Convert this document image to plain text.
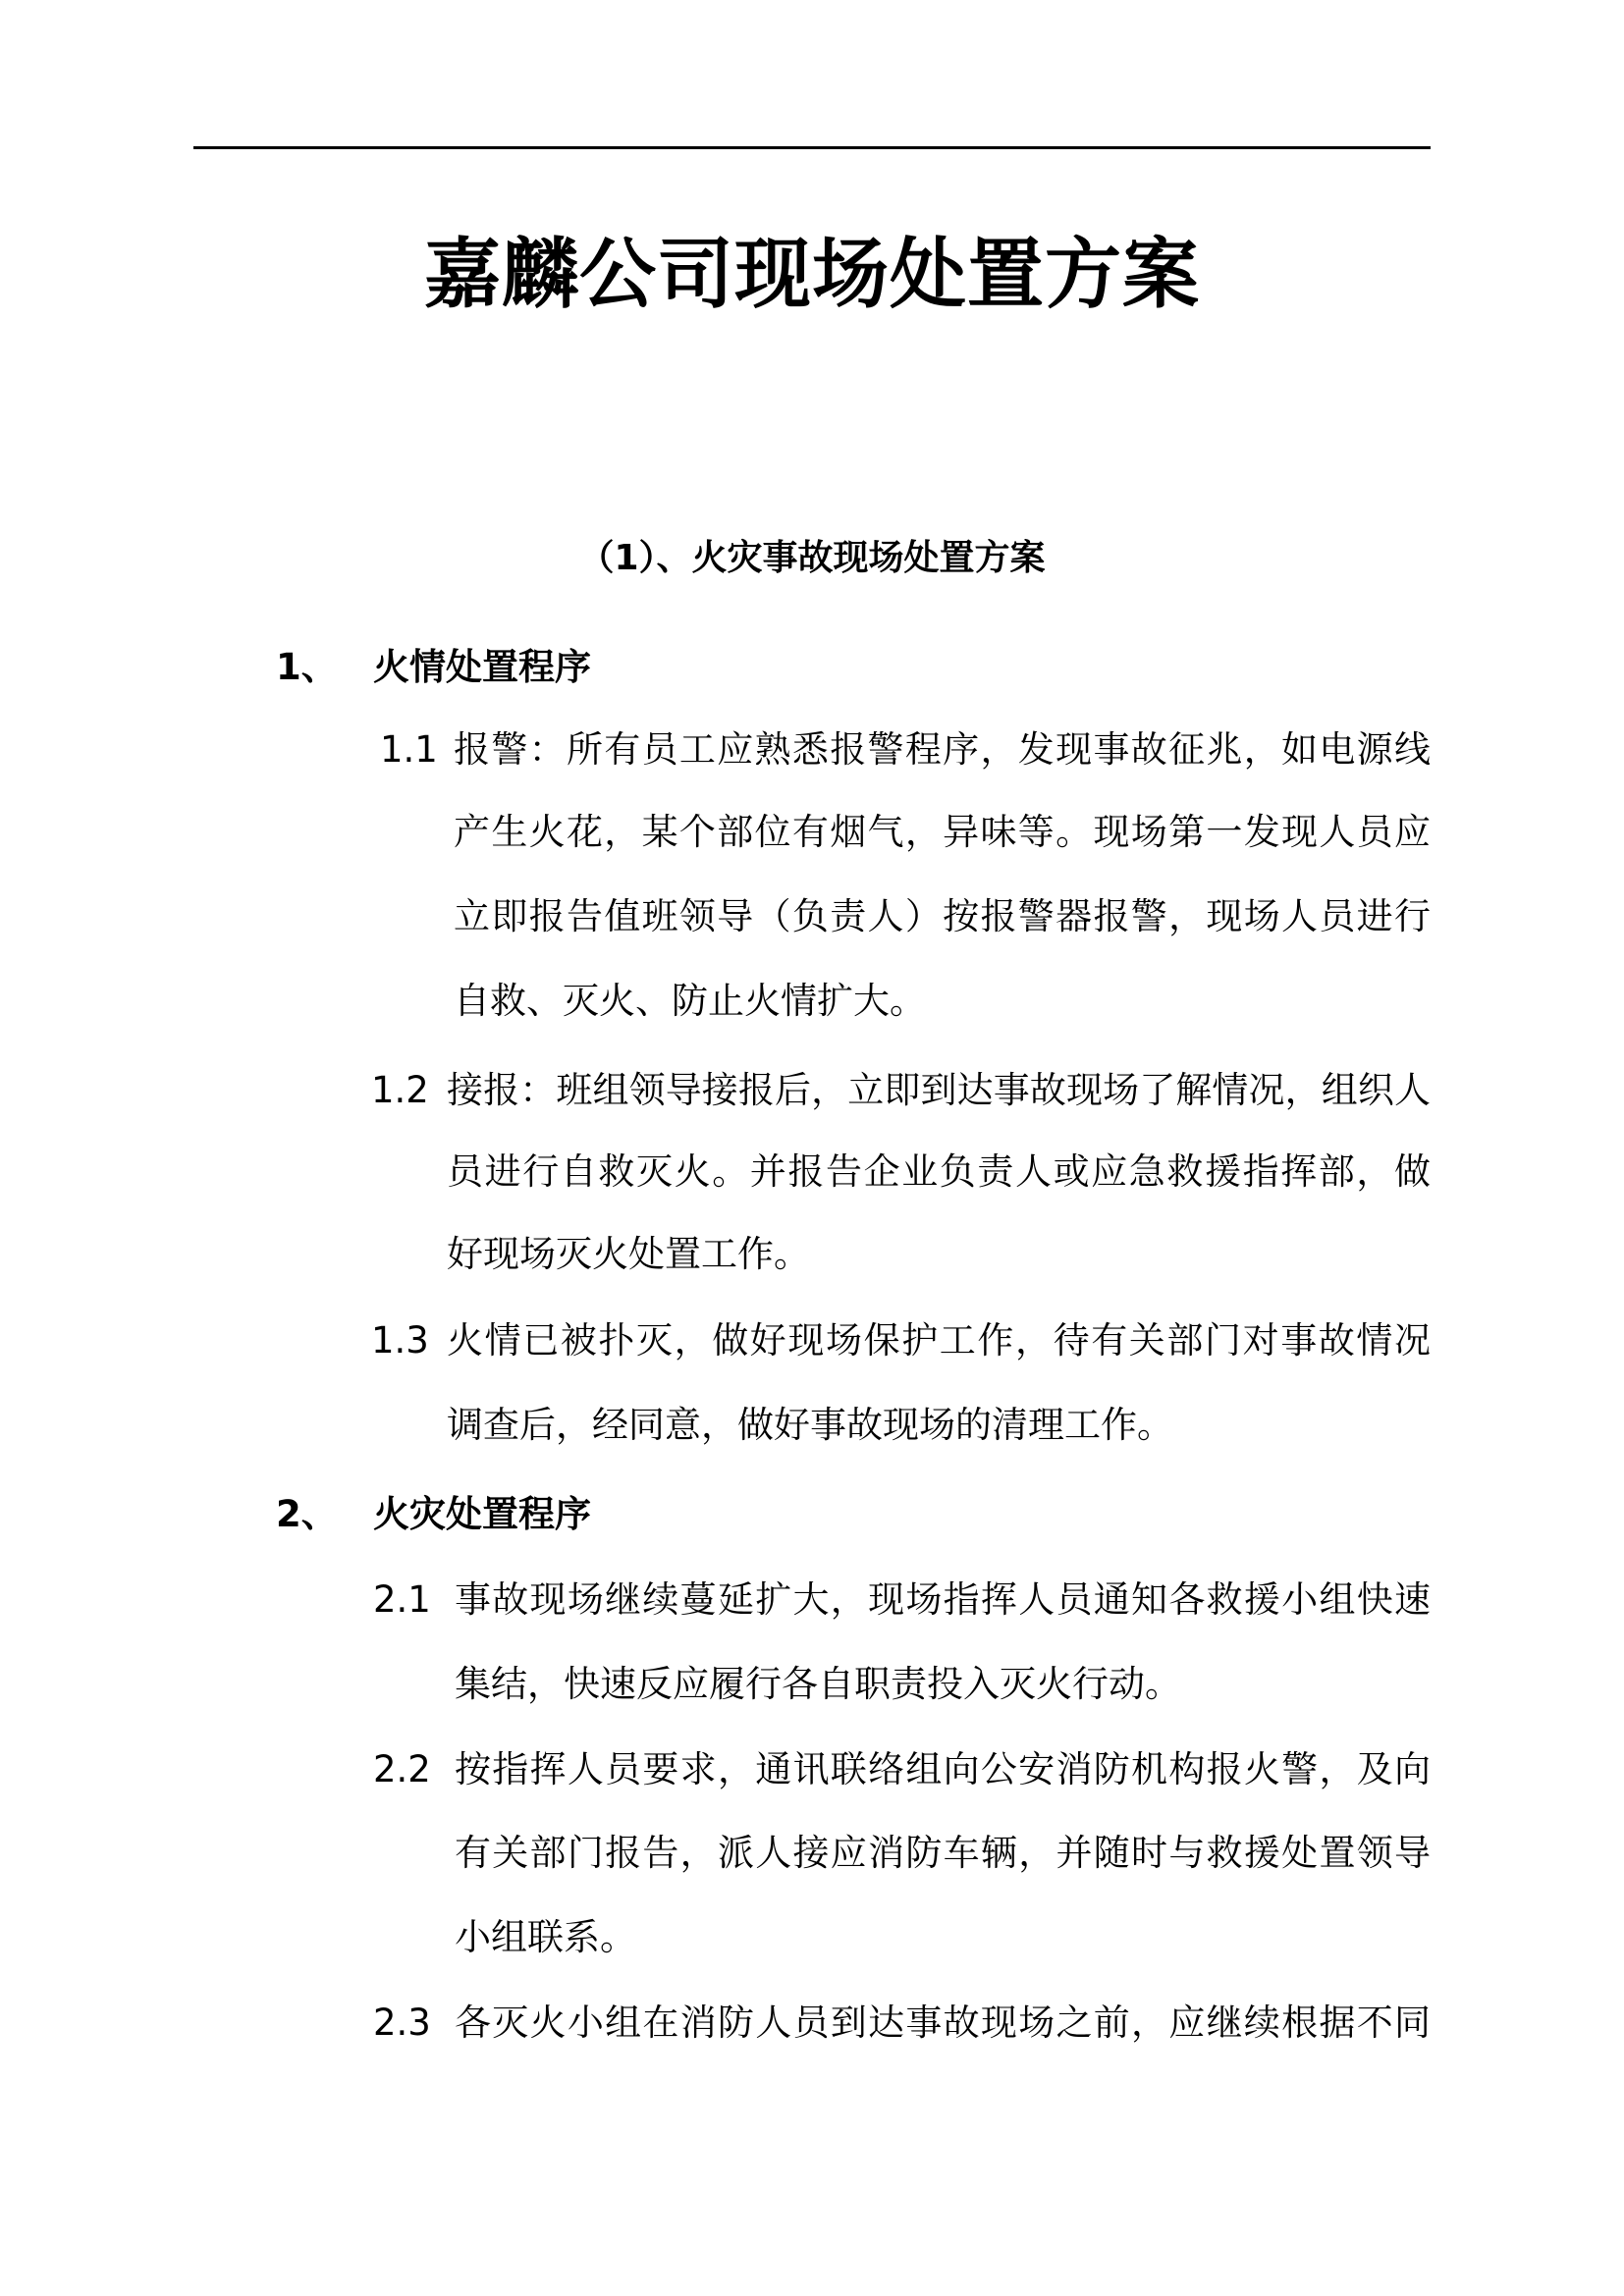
嘉麟公司现场处置方案
（1）、火灾事故现场处置方案
1、 火情处置程序
1.1 报警：所有员工应熟悉报警程序，发现事故征兆，如电源线
产生火花，某个部位有烟气，异味等。现场第一发现人员应
立即报告值班领导（负责人）按报警器报警，现场人员进行
自救、灭火、防止火情扩大。
1.2 接报：班组领导接报后，立即到达事故现场了解情况，组织人
员进行自救灭火。并报告企业负责人或应急救援指挥部，做
好现场灭火处置工作。
1.3 火情已被扑灭，做好现场保护工作，待有关部门对事故情况
调查后，经同意，做好事故现场的清理工作。
2、 火灾处置程序
2.1 事故现场继续蔓延扩大，现场指挥人员通知各救援小组快速
集结，快速反应履行各自职责投入灭火行动。
2.2 按指挥人员要求，通讯联络组向公安消防机构报火警，及向
有关部门报告，派人接应消防车辆，并随时与救援处置领导
小组联系。
2.3 各灭火小组在消防人员到达事故现场之前，应继续根据不同
